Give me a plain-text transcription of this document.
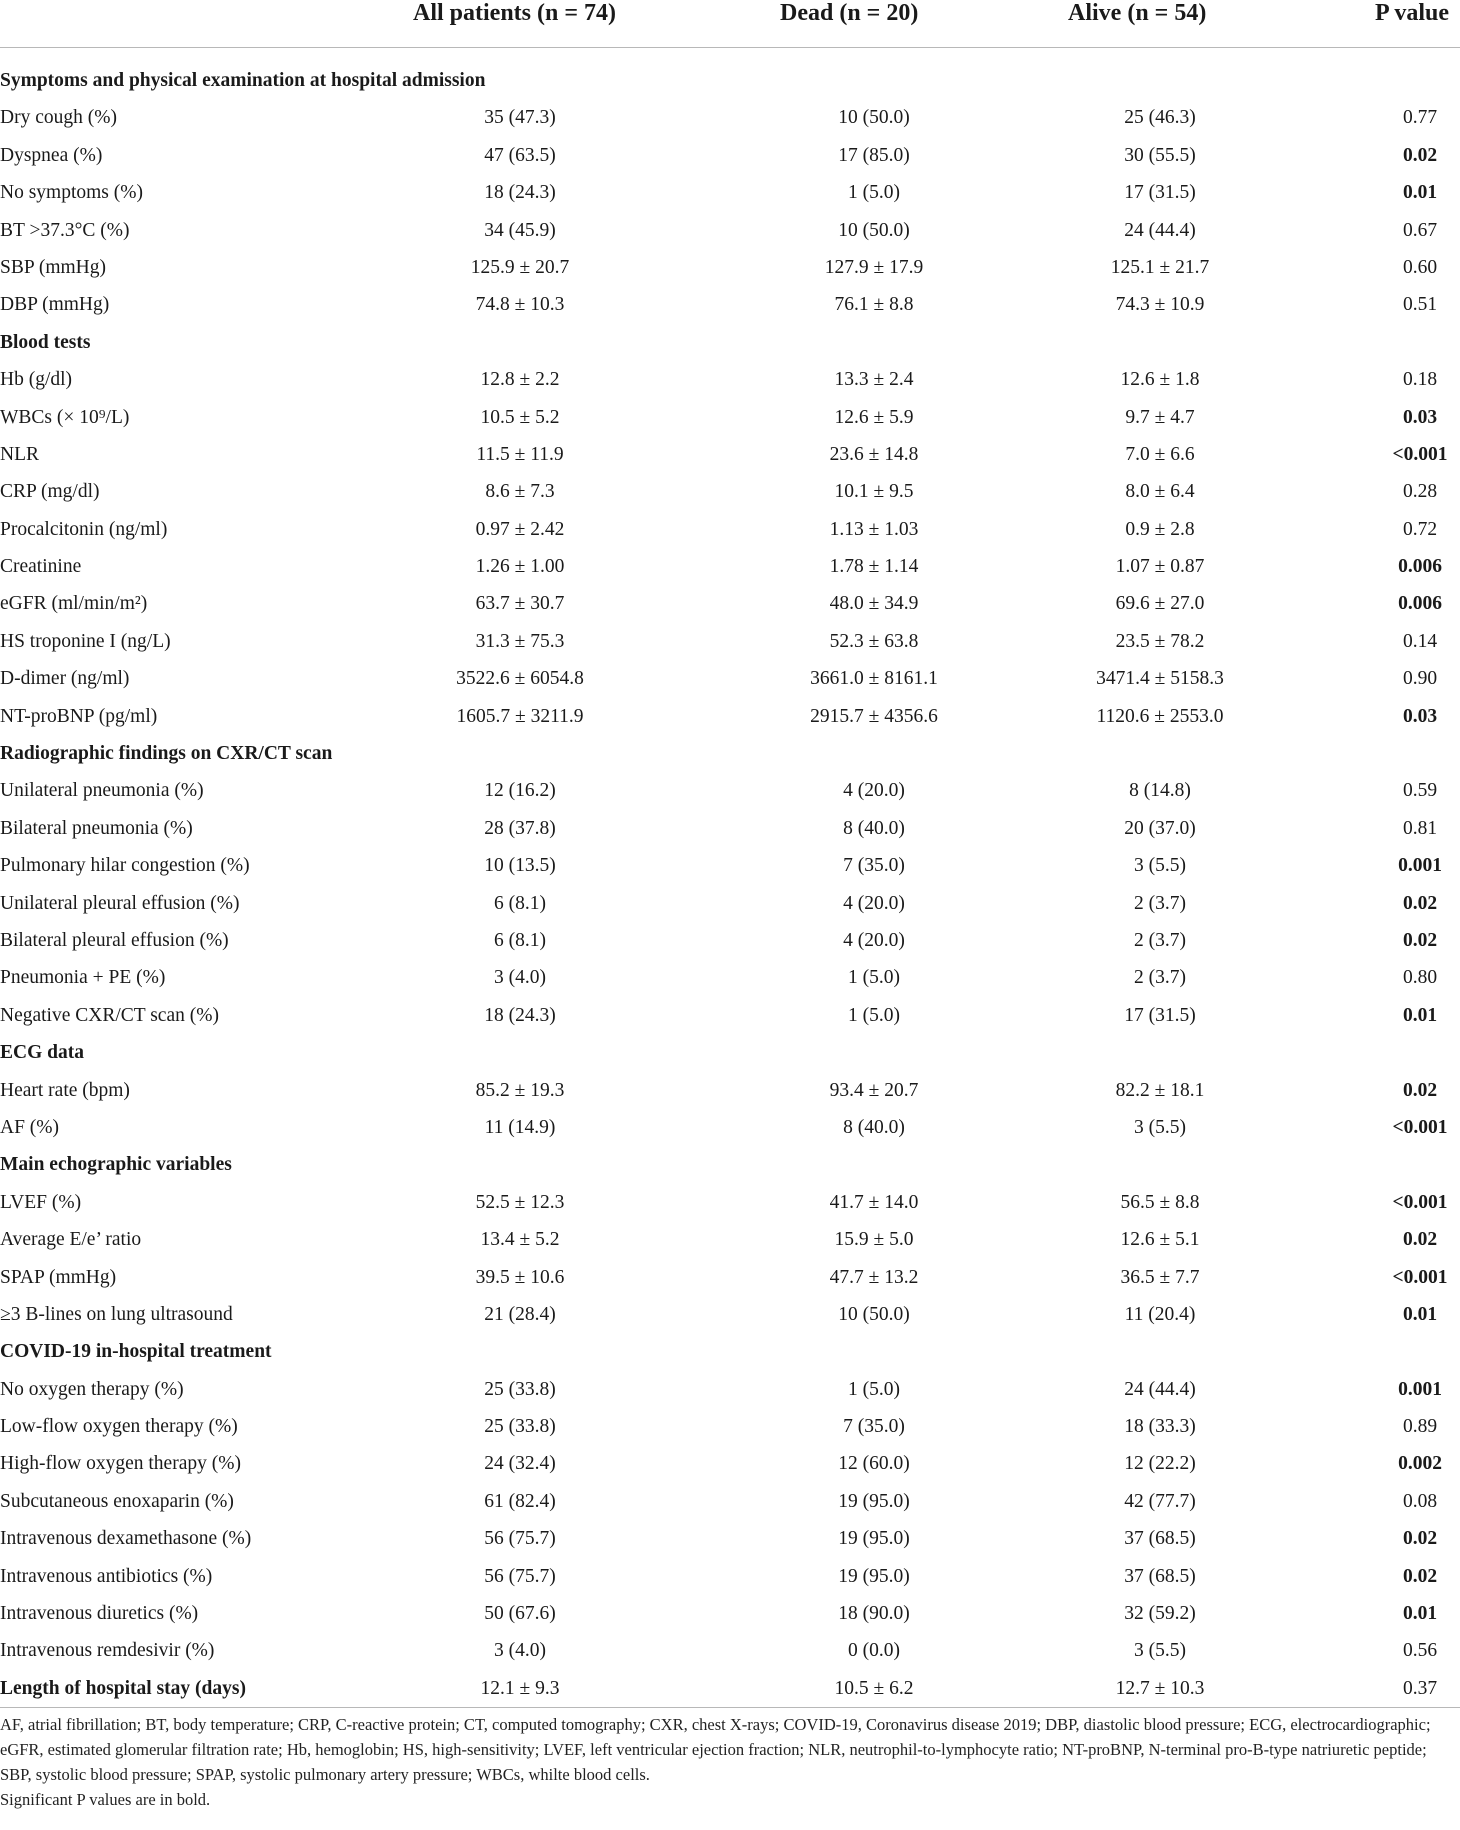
All patients (n = 74)	Dead (n = 20)	Alive (n = 54)	P value
Symptoms and physical examination at hospital admission
Dry cough (%)	35 (47.3)	10 (50.0)	25 (46.3)	0.77
Dyspnea (%)	47 (63.5)	17 (85.0)	30 (55.5)	0.02
No symptoms (%)	18 (24.3)	1 (5.0)	17 (31.5)	0.01
BT >37.3°C (%)	34 (45.9)	10 (50.0)	24 (44.4)	0.67
SBP (mmHg)	125.9 ± 20.7	127.9 ± 17.9	125.1 ± 21.7	0.60
DBP (mmHg)	74.8 ± 10.3	76.1 ± 8.8	74.3 ± 10.9	0.51
Blood tests
Hb (g/dl)	12.8 ± 2.2	13.3 ± 2.4	12.6 ± 1.8	0.18
WBCs (× 10⁹/L)	10.5 ± 5.2	12.6 ± 5.9	9.7 ± 4.7	0.03
NLR	11.5 ± 11.9	23.6 ± 14.8	7.0 ± 6.6	<0.001
CRP (mg/dl)	8.6 ± 7.3	10.1 ± 9.5	8.0 ± 6.4	0.28
Procalcitonin (ng/ml)	0.97 ± 2.42	1.13 ± 1.03	0.9 ± 2.8	0.72
Creatinine	1.26 ± 1.00	1.78 ± 1.14	1.07 ± 0.87	0.006
eGFR (ml/min/m²)	63.7 ± 30.7	48.0 ± 34.9	69.6 ± 27.0	0.006
HS troponine I (ng/L)	31.3 ± 75.3	52.3 ± 63.8	23.5 ± 78.2	0.14
D-dimer (ng/ml)	3522.6 ± 6054.8	3661.0 ± 8161.1	3471.4 ± 5158.3	0.90
NT-proBNP (pg/ml)	1605.7 ± 3211.9	2915.7 ± 4356.6	1120.6 ± 2553.0	0.03
Radiographic findings on CXR/CT scan
Unilateral pneumonia (%)	12 (16.2)	4 (20.0)	8 (14.8)	0.59
Bilateral pneumonia (%)	28 (37.8)	8 (40.0)	20 (37.0)	0.81
Pulmonary hilar congestion (%)	10 (13.5)	7 (35.0)	3 (5.5)	0.001
Unilateral pleural effusion (%)	6 (8.1)	4 (20.0)	2 (3.7)	0.02
Bilateral pleural effusion (%)	6 (8.1)	4 (20.0)	2 (3.7)	0.02
Pneumonia + PE (%)	3 (4.0)	1 (5.0)	2 (3.7)	0.80
Negative CXR/CT scan (%)	18 (24.3)	1 (5.0)	17 (31.5)	0.01
ECG data
Heart rate (bpm)	85.2 ± 19.3	93.4 ± 20.7	82.2 ± 18.1	0.02
AF (%)	11 (14.9)	8 (40.0)	3 (5.5)	<0.001
Main echographic variables
LVEF (%)	52.5 ± 12.3	41.7 ± 14.0	56.5 ± 8.8	<0.001
Average E/e’ ratio	13.4 ± 5.2	15.9 ± 5.0	12.6 ± 5.1	0.02
SPAP (mmHg)	39.5 ± 10.6	47.7 ± 13.2	36.5 ± 7.7	<0.001
≥3 B-lines on lung ultrasound	21 (28.4)	10 (50.0)	11 (20.4)	0.01
COVID-19 in-hospital treatment
No oxygen therapy (%)	25 (33.8)	1 (5.0)	24 (44.4)	0.001
Low-flow oxygen therapy (%)	25 (33.8)	7 (35.0)	18 (33.3)	0.89
High-flow oxygen therapy (%)	24 (32.4)	12 (60.0)	12 (22.2)	0.002
Subcutaneous enoxaparin (%)	61 (82.4)	19 (95.0)	42 (77.7)	0.08
Intravenous dexamethasone (%)	56 (75.7)	19 (95.0)	37 (68.5)	0.02
Intravenous antibiotics (%)	56 (75.7)	19 (95.0)	37 (68.5)	0.02
Intravenous diuretics (%)	50 (67.6)	18 (90.0)	32 (59.2)	0.01
Intravenous remdesivir (%)	3 (4.0)	0 (0.0)	3 (5.5)	0.56
Length of hospital stay (days)	12.1 ± 9.3	10.5 ± 6.2	12.7 ± 10.3	0.37
AF, atrial fibrillation; BT, body temperature; CRP, C-reactive protein; CT, computed tomography; CXR, chest X-rays; COVID-19, Coronavirus disease 2019; DBP, diastolic blood pressure; ECG, electrocardiographic; eGFR, estimated glomerular filtration rate; Hb, hemoglobin; HS, high-sensitivity; LVEF, left ventricular ejection fraction; NLR, neutrophil-to-lymphocyte ratio; NT-proBNP, N-terminal pro-B-type natriuretic peptide; SBP, systolic blood pressure; SPAP, systolic pulmonary artery pressure; WBCs, whilte blood cells.
Significant P values are in bold.
